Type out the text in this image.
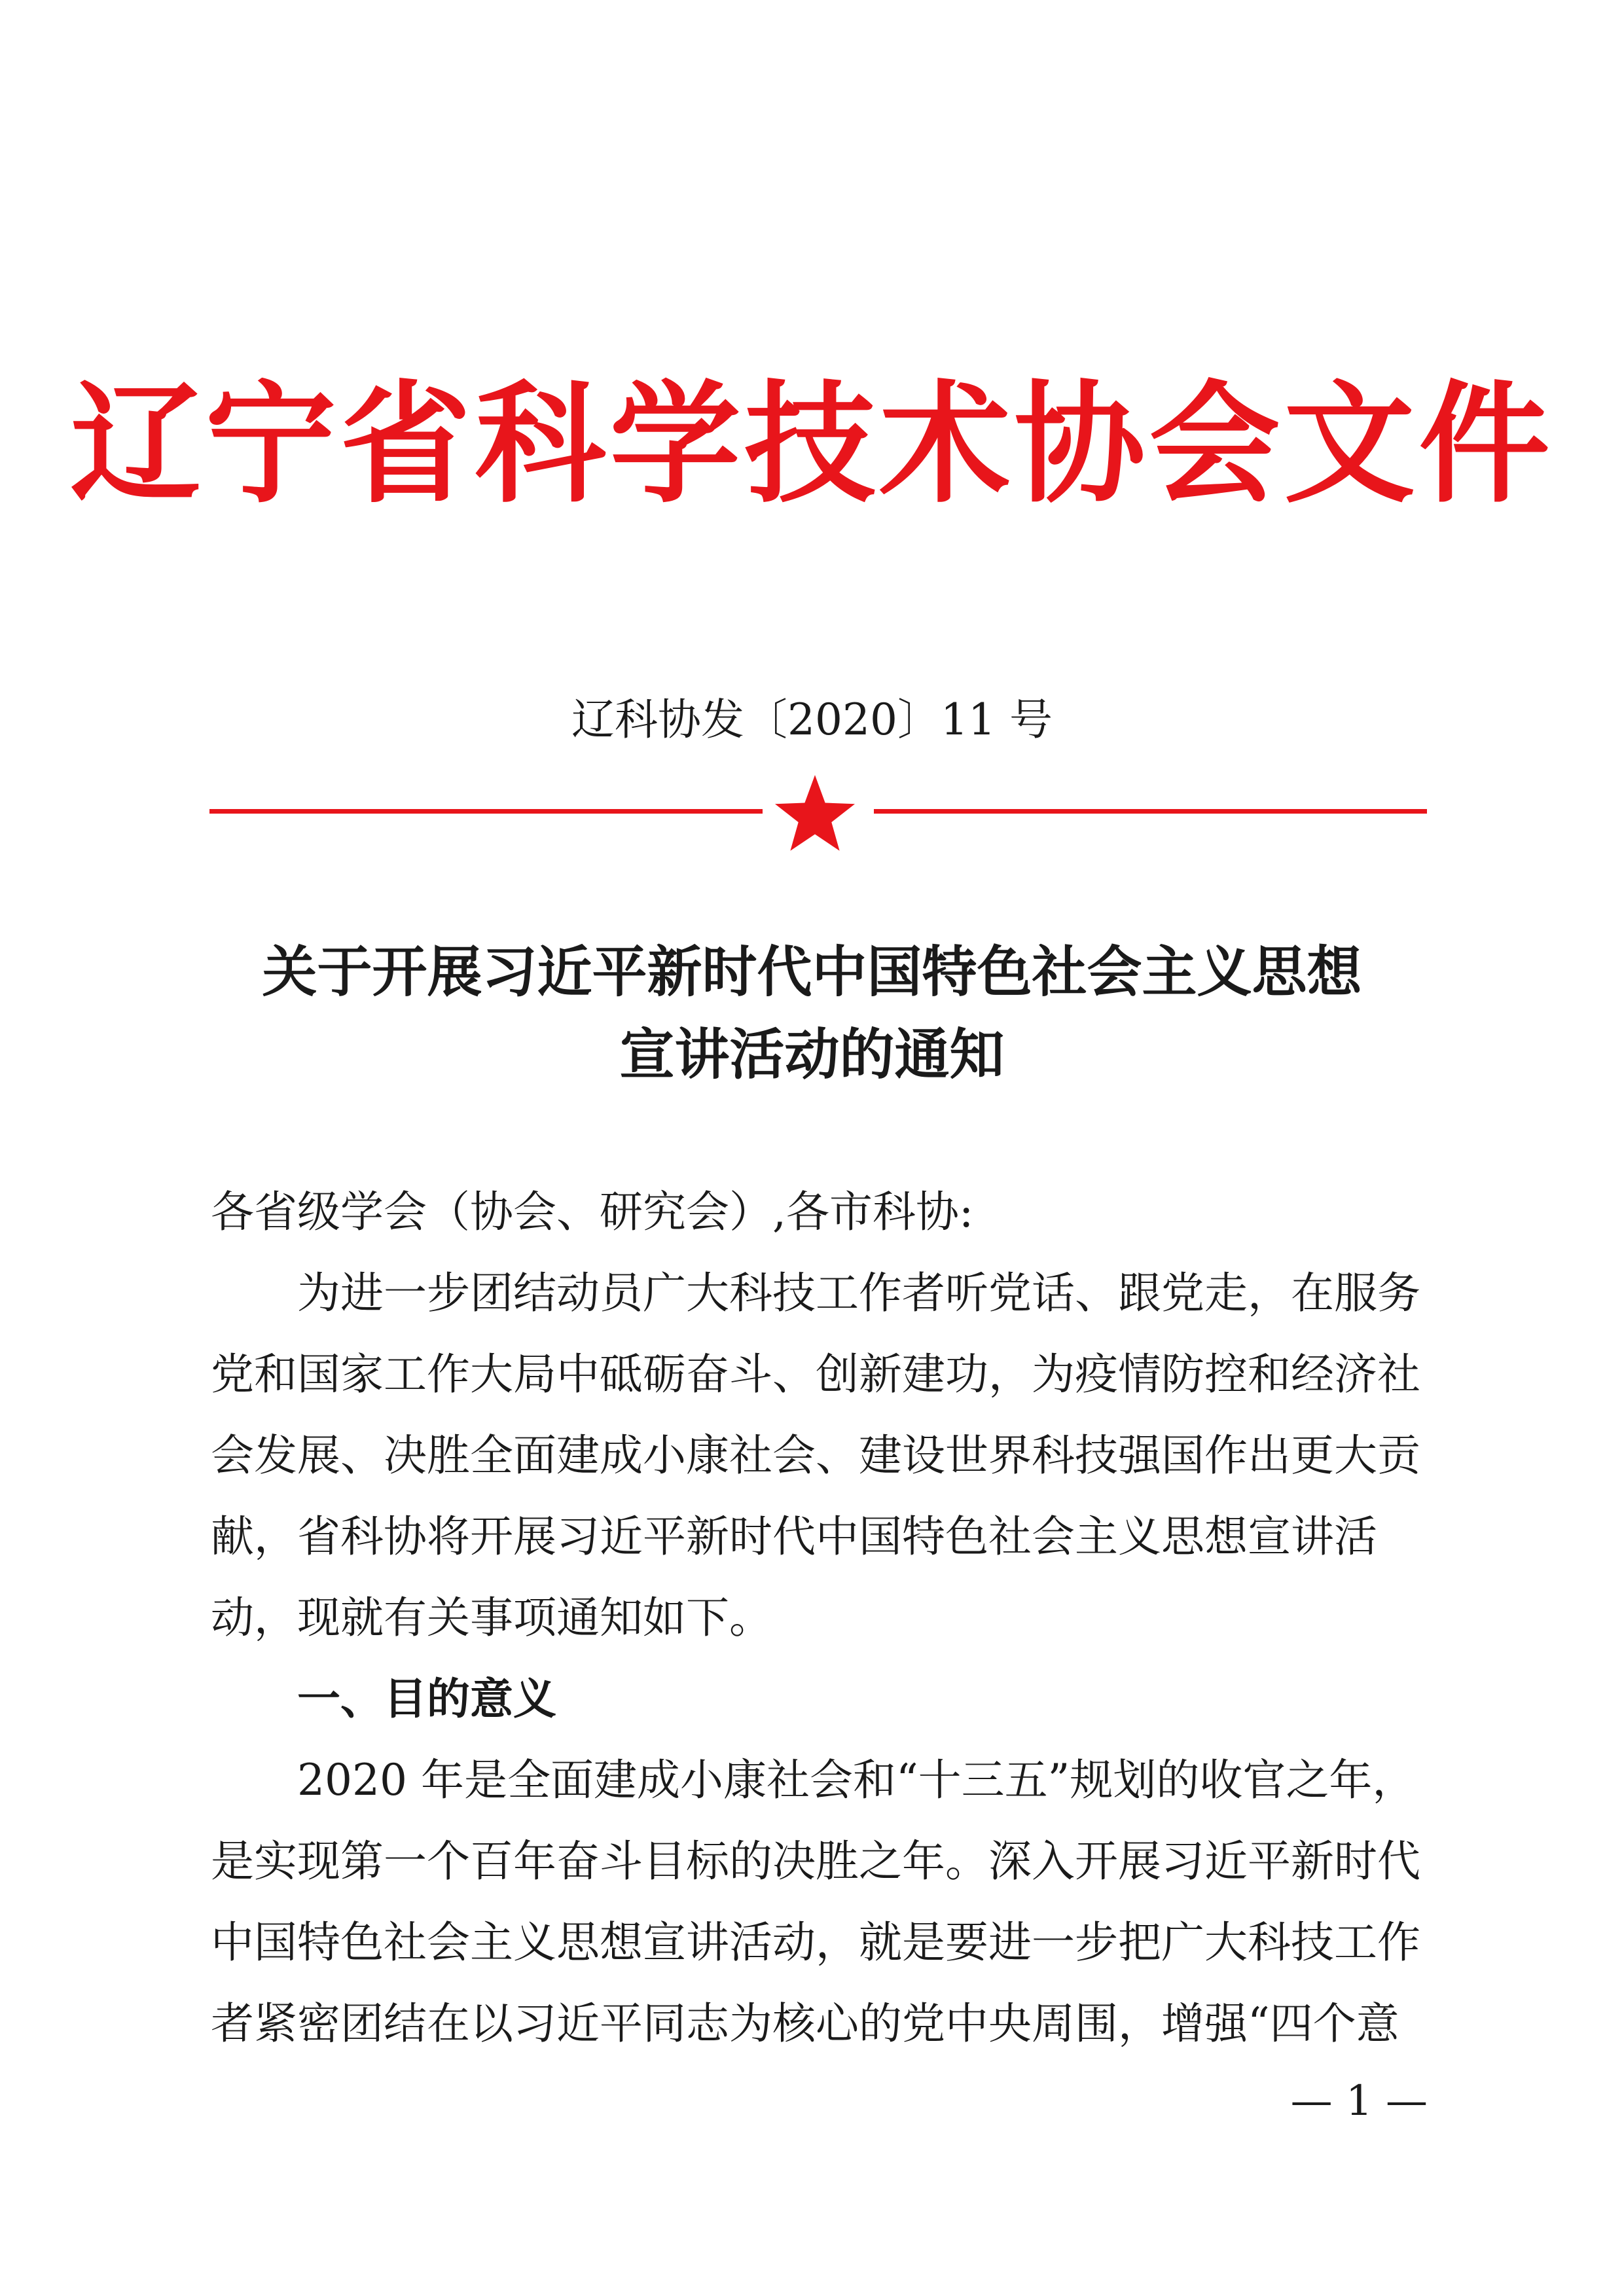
辽宁省科学技术协会文件
辽科协发〔2020〕11 号
关于开展习近平新时代中国特色社会主义思想
宣讲活动的通知
各省级学会（协会、研究会）,各市科协:
为进一步团结动员广大科技工作者听党话、跟党走，在服务
党和国家工作大局中砥砺奋斗、创新建功，为疫情防控和经济社
会发展、决胜全面建成小康社会、建设世界科技强国作出更大贡
献，省科协将开展习近平新时代中国特色社会主义思想宣讲活
动，现就有关事项通知如下。
一、目的意义
2020 年是全面建成小康社会和“十三五”规划的收官之年，
是实现第一个百年奋斗目标的决胜之年。深入开展习近平新时代
中国特色社会主义思想宣讲活动，就是要进一步把广大科技工作
者紧密团结在以习近平同志为核心的党中央周围，增强“四个意
— 1 —
